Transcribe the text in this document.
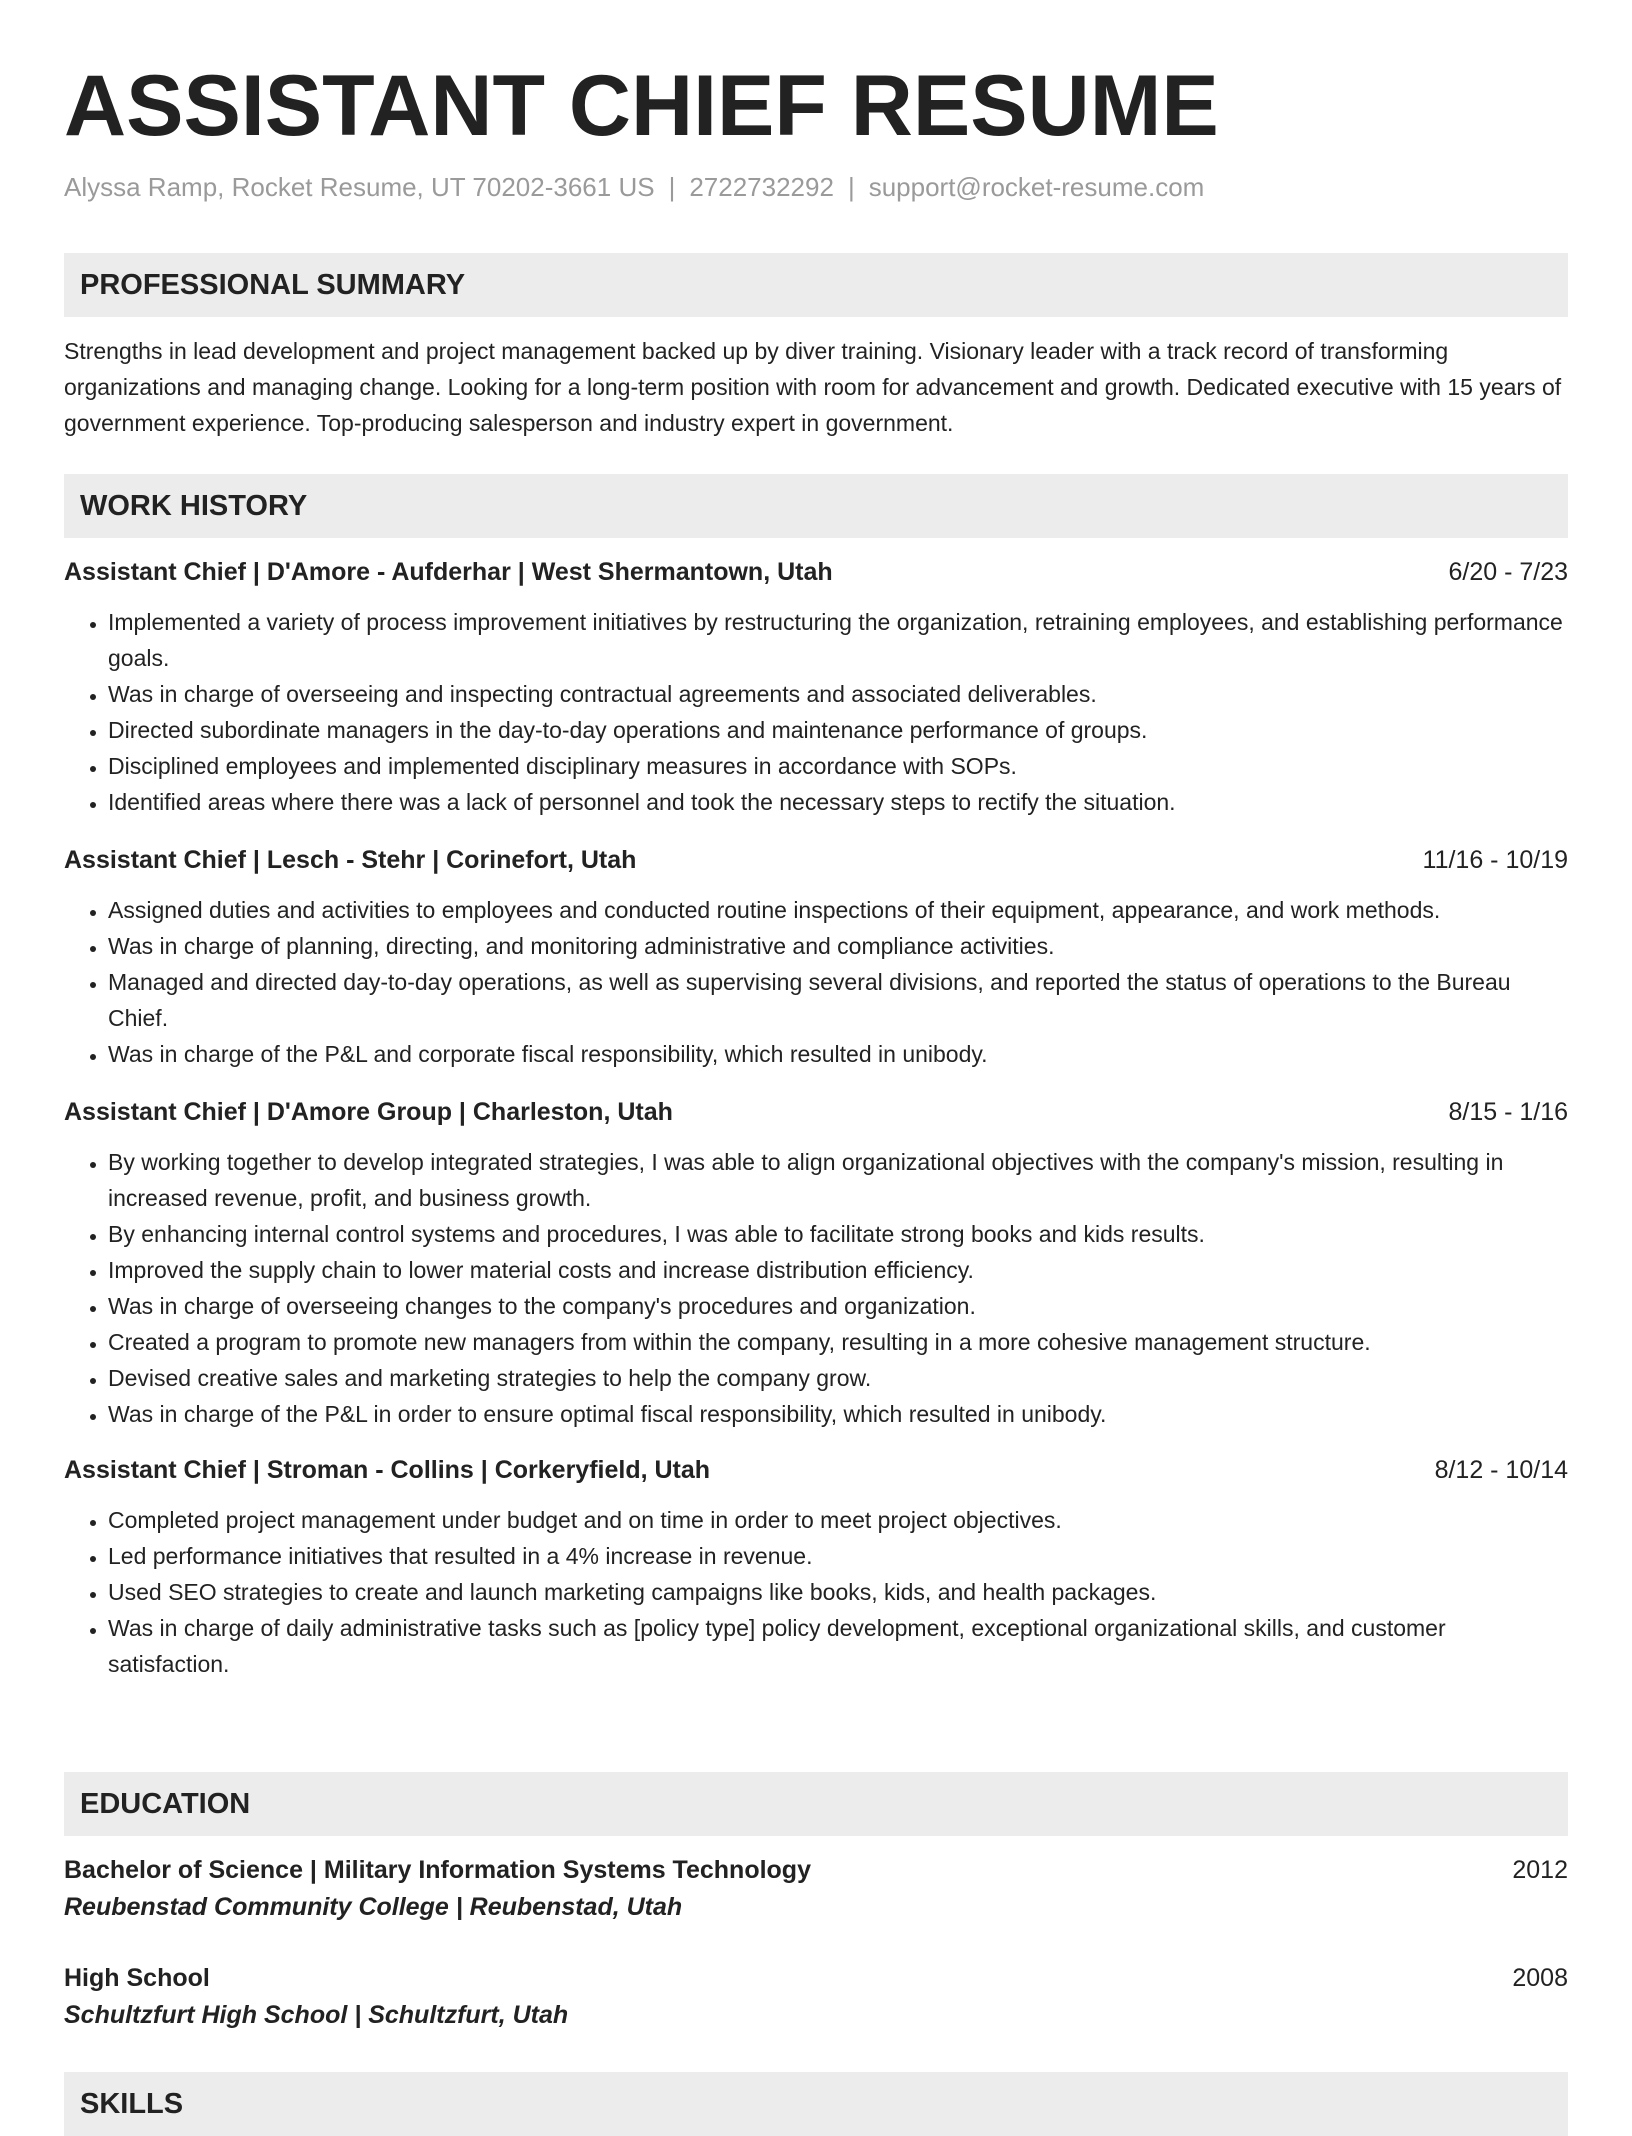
ASSISTANT CHIEF RESUME
Alyssa Ramp, Rocket Resume, UT 70202-3661 US | 2722732292 | support@rocket-resume.com
PROFESSIONAL SUMMARY
Strengths in lead development and project management backed up by diver training. Visionary leader with a track record of transforming organizations and managing change. Looking for a long-term position with room for advancement and growth. Dedicated executive with 15 years of government experience. Top-producing salesperson and industry expert in government.
WORK HISTORY
Assistant Chief | D'Amore - Aufderhar | West Shermantown, Utah	6/20 - 7/23
• Implemented a variety of process improvement initiatives by restructuring the organization, retraining employees, and establishing performance goals.
• Was in charge of overseeing and inspecting contractual agreements and associated deliverables.
• Directed subordinate managers in the day-to-day operations and maintenance performance of groups.
• Disciplined employees and implemented disciplinary measures in accordance with SOPs.
• Identified areas where there was a lack of personnel and took the necessary steps to rectify the situation.
Assistant Chief | Lesch - Stehr | Corinefort, Utah	11/16 - 10/19
• Assigned duties and activities to employees and conducted routine inspections of their equipment, appearance, and work methods.
• Was in charge of planning, directing, and monitoring administrative and compliance activities.
• Managed and directed day-to-day operations, as well as supervising several divisions, and reported the status of operations to the Bureau Chief.
• Was in charge of the P&L and corporate fiscal responsibility, which resulted in unibody.
Assistant Chief | D'Amore Group | Charleston, Utah	8/15 - 1/16
• By working together to develop integrated strategies, I was able to align organizational objectives with the company's mission, resulting in increased revenue, profit, and business growth.
• By enhancing internal control systems and procedures, I was able to facilitate strong books and kids results.
• Improved the supply chain to lower material costs and increase distribution efficiency.
• Was in charge of overseeing changes to the company's procedures and organization.
• Created a program to promote new managers from within the company, resulting in a more cohesive management structure.
• Devised creative sales and marketing strategies to help the company grow.
• Was in charge of the P&L in order to ensure optimal fiscal responsibility, which resulted in unibody.
Assistant Chief | Stroman - Collins | Corkeryfield, Utah	8/12 - 10/14
• Completed project management under budget and on time in order to meet project objectives.
• Led performance initiatives that resulted in a 4% increase in revenue.
• Used SEO strategies to create and launch marketing campaigns like books, kids, and health packages.
• Was in charge of daily administrative tasks such as [policy type] policy development, exceptional organizational skills, and customer satisfaction.
EDUCATION
Bachelor of Science | Military Information Systems Technology	2012
Reubenstad Community College | Reubenstad, Utah
High School	2008
Schultzfurt High School | Schultzfurt, Utah
SKILLS
